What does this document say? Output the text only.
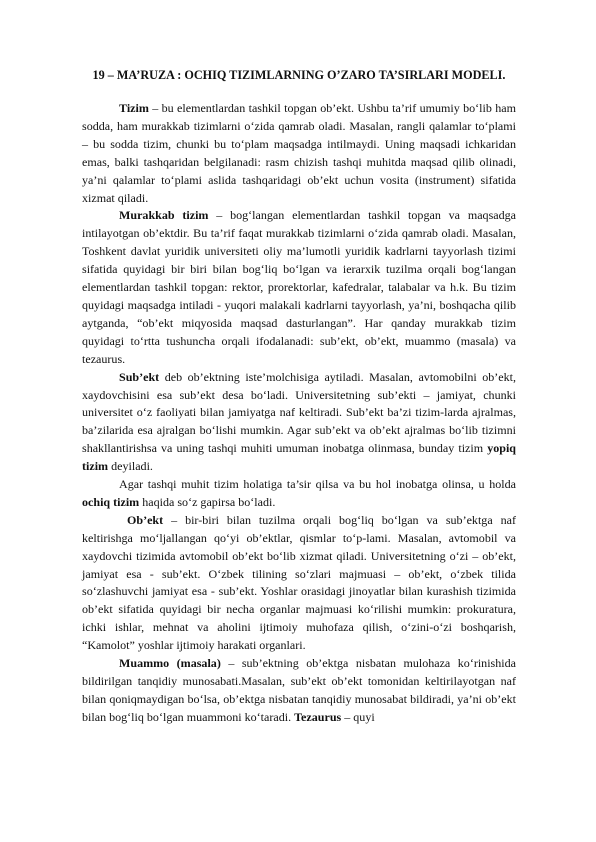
19 – MA’RUZA : OCHIQ TIZIMLARNING O’ZARO TA’SIRLARI MODELI.

Tizim – bu elementlardan tashkil topgan ob’ekt. Ushbu ta’rif umumiy bo‘lib ham sodda, ham murakkab tizimlarni o‘zida qamrab oladi. Masalan, rangli qalamlar to‘plami – bu sodda tizim, chunki bu to‘plam maqsadga intilmaydi. Uning maqsadi ichkaridan emas, balki tashqaridan belgilanadi: rasm chizish tashqi muhitda maqsad qilib olinadi, ya’ni qalamlar to‘plami aslida tashqaridagi ob’ekt uchun vosita (instrument) sifatida xizmat qiladi.

Murakkab tizim – bog‘langan elementlardan tashkil topgan va maqsadga intilayotgan ob’ektdir. Bu ta’rif faqat murakkab tizimlarni o‘zida qamrab oladi. Masalan, Toshkent davlat yuridik universiteti oliy ma’lumotli yuridik kadrlarni tayyorlash tizimi sifatida quyidagi bir biri bilan bog‘liq bo‘lgan va ierarxik tuzilma orqali bog‘langan elementlardan tashkil topgan: rektor, prorektorlar, kafedralar, talabalar va h.k. Bu tizim quyidagi maqsadga intiladi - yuqori malakali kadrlarni tayyorlash, ya’ni, boshqacha qilib aytganda, “ob’ekt miqyosida maqsad dasturlangan”. Har qanday murakkab tizim quyidagi to‘rtta tushuncha orqali ifodalanadi: sub’ekt, ob’ekt, muammo (masala) va tezaurus.

Sub’ekt deb ob’ektning iste’molchisiga aytiladi. Masalan, avtomobilni ob’ekt, xaydovchisini esa sub’ekt desa bo‘ladi. Universitetning sub’ekti – jamiyat, chunki universitet o‘z faoliyati bilan jamiyatga naf keltiradi. Sub’ekt ba’zi tizim-larda ajralmas, ba’zilarida esa ajralgan bo‘lishi mumkin. Agar sub’ekt va ob’ekt ajralmas bo‘lib tizimni shakllantirishsa va uning tashqi muhiti umuman inobatga olinmasa, bunday tizim yopiq tizim deyiladi.

Agar tashqi muhit tizim holatiga ta’sir qilsa va bu hol inobatga olinsa, u holda ochiq tizim haqida so‘z gapirsa bo‘ladi.

Ob’ekt – bir-biri bilan tuzilma orqali bog‘liq bo‘lgan va sub’ektga naf keltirishga mo‘ljallangan qo‘yi ob’ektlar, qismlar to‘p-lami. Masalan, avtomobil va xaydovchi tizimida avtomobil ob’ekt bo‘lib xizmat qiladi. Universitetning o‘zi – ob’ekt, jamiyat esa - sub’ekt. O‘zbek tilining so‘zlari majmuasi – ob’ekt, o‘zbek tilida so‘zlashuvchi jamiyat esa - sub’ekt. Yoshlar orasidagi jinoyatlar bilan kurashish tizimida ob’ekt sifatida quyidagi bir necha organlar majmuasi ko‘rilishi mumkin: prokuratura, ichki ishlar, mehnat va aholini ijtimoiy muhofaza qilish, o‘zini-o‘zi boshqarish, “Kamolot” yoshlar ijtimoiy harakati organlari.

Muammo (masala) – sub’ektning ob’ektga nisbatan mulohaza ko‘rinishida bildirilgan tanqidiy munosabati.Masalan, sub’ekt ob’ekt tomonidan keltirilayotgan naf bilan qoniqmaydigan bo‘lsa, ob’ektga nisbatan tanqidiy munosabat bildiradi, ya’ni ob’ekt bilan bog‘liq bo‘lgan muammoni ko‘taradi. Tezaurus – quyi
